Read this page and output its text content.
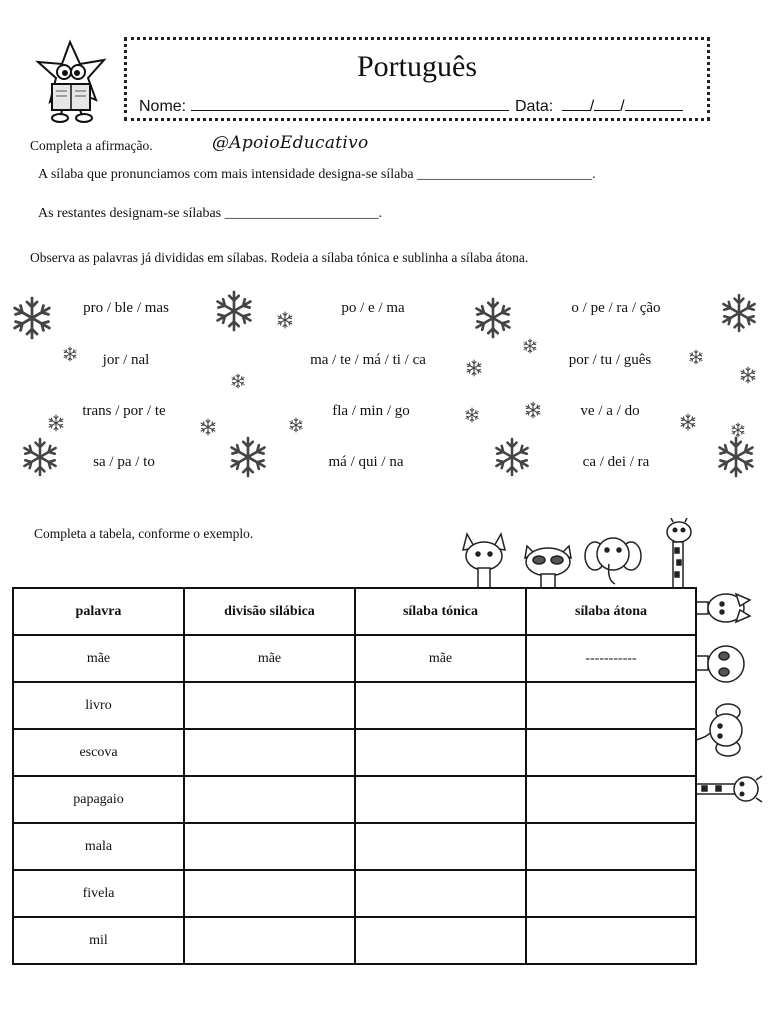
Português
Nome:	Data: / /
Completa a afirmação.	@ApoioEducativo
A sílaba que pronunciamos com mais intensidade designa-se sílaba _________________________.
As restantes designam-se sílabas ______________________.
Observa as palavras já divididas em sílabas. Rodeia a sílaba tónica e sublinha a sílaba átona.
pro / ble / mas	po / e / ma	o / pe / ra / ção
jor / nal	ma / te / má / ti / ca	por / tu / guês
trans / por / te	fla / min / go	ve / a / do
sa / pa / to	má / qui / na	ca / dei / ra
Completa a tabela, conforme o exemplo.
palavra	divisão silábica	sílaba tónica	sílaba átona
mãe	mãe	mãe	-----------
livro			
escova			
papagaio			
mala			
fivela			
mil			
